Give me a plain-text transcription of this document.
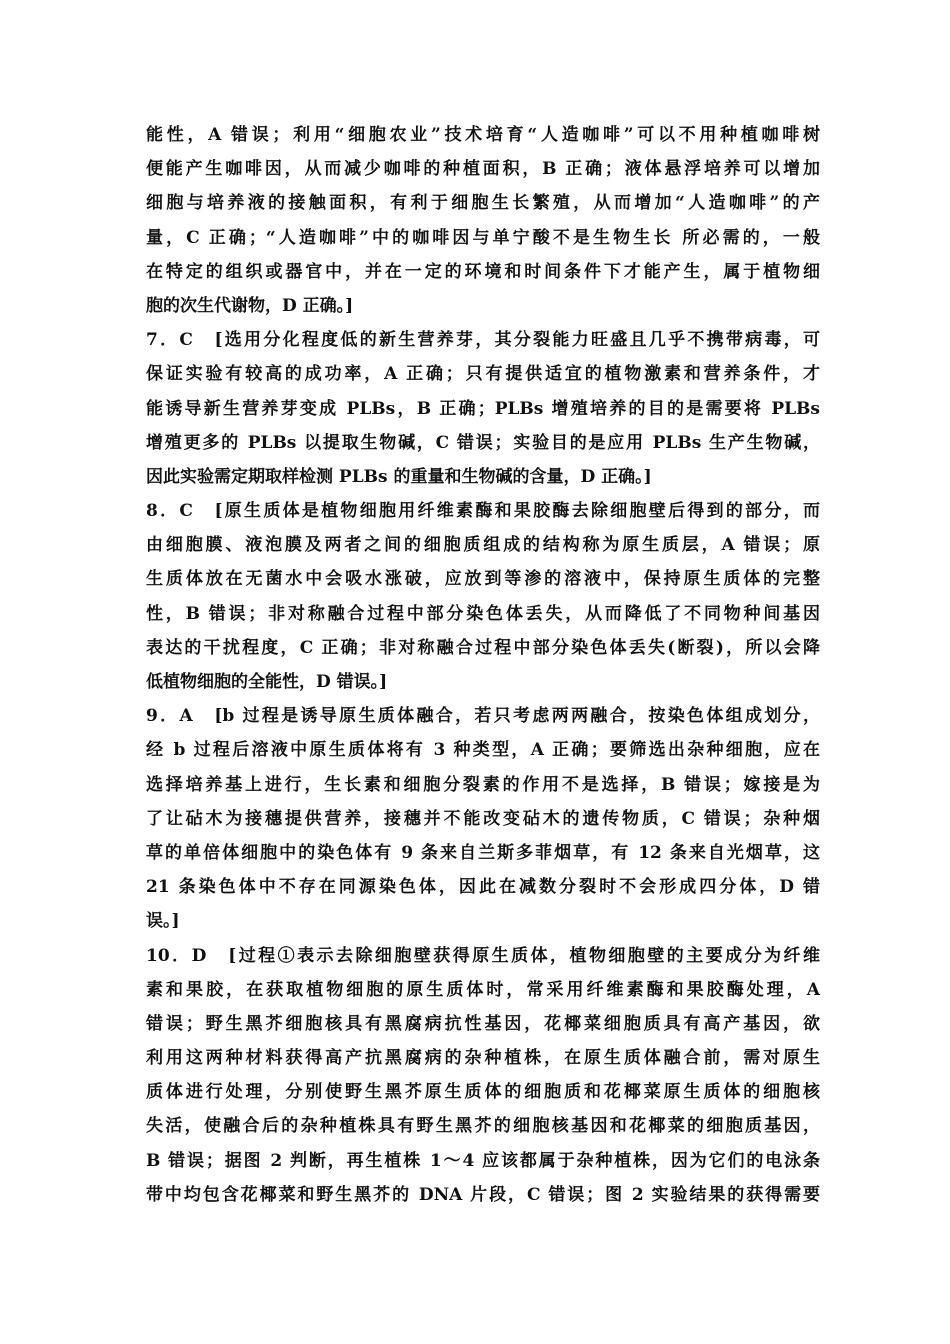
能性，A 错误；利用“细胞农业”技术培育“人造咖啡”可以不用种植咖啡树
便能产生咖啡因，从而减少咖啡的种植面积，B 正确；液体悬浮培养可以增加
细胞与培养液的接触面积，有利于细胞生长繁殖，从而增加“人造咖啡”的产
量，C 正确；“人造咖啡”中的咖啡因与单宁酸不是生物生长 所必需的，一般
在特定的组织或器官中，并在一定的环境和时间条件下才能产生，属于植物细
胞的次生代谢物，D 正确。]
7．C　[选用分化程度低的新生营养芽，其分裂能力旺盛且几乎不携带病毒，可
保证实验有较高的成功率，A 正确；只有提供适宜的植物激素和营养条件，才
能诱导新生营养芽变成 PLBs，B 正确；PLBs 增殖培养的目的是需要将 PLBs
增殖更多的 PLBs 以提取生物碱，C 错误；实验目的是应用 PLBs 生产生物碱，
因此实验需定期取样检测 PLBs 的重量和生物碱的含量，D 正确。]
8．C　[原生质体是植物细胞用纤维素酶和果胶酶去除细胞壁后得到的部分，而
由细胞膜、液泡膜及两者之间的细胞质组成的结构称为原生质层，A 错误；原
生质体放在无菌水中会吸水涨破，应放到等渗的溶液中，保持原生质体的完整
性，B 错误；非对称融合过程中部分染色体丢失，从而降低了不同物种间基因
表达的干扰程度，C 正确；非对称融合过程中部分染色体丢失(断裂)，所以会降
低植物细胞的全能性，D 错误。]
9．A　[b 过程是诱导原生质体融合，若只考虑两两融合，按染色体组成划分，
经 b 过程后溶液中原生质体将有 3 种类型，A 正确；要筛选出杂种细胞，应在
选择培养基上进行，生长素和细胞分裂素的作用不是选择，B 错误；嫁接是为
了让砧木为接穗提供营养，接穗并不能改变砧木的遗传物质，C 错误；杂种烟
草的单倍体细胞中的染色体有 9 条来自兰斯多菲烟草，有 12 条来自光烟草，这
21 条染色体中不存在同源染色体，因此在减数分裂时不会形成四分体，D 错
误。]
10．D　[过程①表示去除细胞壁获得原生质体，植物细胞壁的主要成分为纤维
素和果胶，在获取植物细胞的原生质体时，常采用纤维素酶和果胶酶处理，A
错误；野生黑芥细胞核具有黑腐病抗性基因，花椰菜细胞质具有高产基因，欲
利用这两种材料获得高产抗黑腐病的杂种植株，在原生质体融合前，需对原生
质体进行处理，分别使野生黑芥原生质体的细胞质和花椰菜原生质体的细胞核
失活，使融合后的杂种植株具有野生黑芥的细胞核基因和花椰菜的细胞质基因，
B 错误；据图 2 判断，再生植株 1～4 应该都属于杂种植株，因为它们的电泳条
带中均包含花椰菜和野生黑芥的 DNA 片段，C 错误；图 2 实验结果的获得需要
